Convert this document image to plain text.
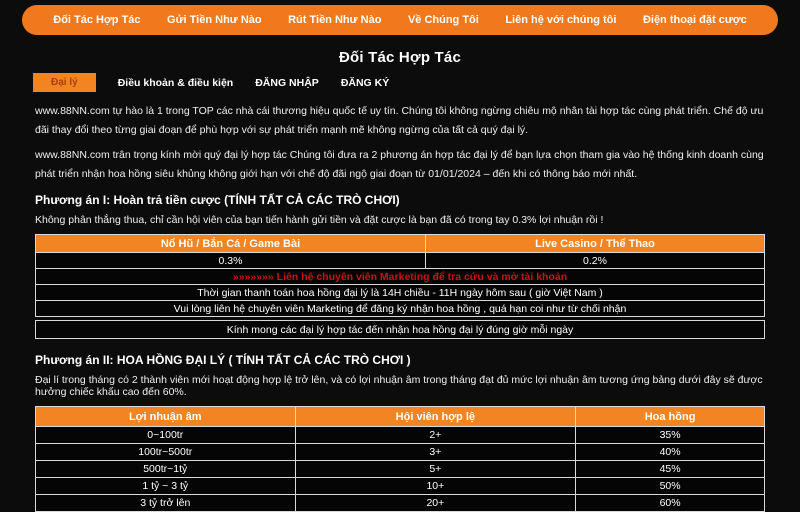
Đối Tác Hợp Tác Gửi Tiền Như Nào Rút Tiền Như Nào Về Chúng Tôi Liên hệ với chúng tôi Điện thoại đặt cược
Đối Tác Hợp Tác
Đại lý	Điều khoản & điều kiện ĐĂNG NHẬP ĐĂNG KÝ

www.88NN.com tự hào là 1 trong TOP các nhà cái thương hiệu quốc tế uy tín. Chúng tôi không ngừng chiêu mộ nhân tài hợp tác cùng phát triển. Chế độ ưu đãi thay đổi theo từng giai đoạn để phù hợp với sự phát triển mạnh mẽ không ngừng của tất cả quý đại lý.

www.88NN.com trân trọng kính mời quý đại lý hợp tác Chúng tôi đưa ra 2 phương án hợp tác đại lý để bạn lựa chọn tham gia vào hệ thống kinh doanh cùng phát triển nhận hoa hồng siêu khủng không giới hạn với chế độ đãi ngộ giai đoạn từ 01/01/2024 – đến khi có thông báo mới nhất.

Phương án I: Hoàn trả tiền cược (TÍNH TẤT CẢ CÁC TRÒ CHƠI)

Không phân thắng thua, chỉ cần hội viên của bạn tiến hành gửi tiền và đặt cược là bạn đã có trong tay 0.3% lợi nhuận rồi !

Nổ Hũ / Bắn Cá / Game Bài	Live Casino / Thể Thao
0.3%	0.2%
»»»»»»» Liên hệ chuyên viên Marketing để tra cứu và mở tài khoản	
Thời gian thanh toán hoa hồng đại lý là 14H chiều - 11H ngày hôm sau ( giờ Việt Nam )	
Vui lòng liên hệ chuyên viên Marketing để đăng ký nhận hoa hồng , quá hạn coi như từ chối nhận	
Kính mong các đại lý hợp tác đến nhận hoa hồng đại lý đúng giờ mỗi ngày
Phương án II: HOA HỒNG ĐẠI LÝ ( TÍNH TẤT CẢ CÁC TRÒ CHƠI )

Đại lí trong tháng có 2 thành viên mới hoạt động hợp lệ trở lên, và có lợi nhuận âm trong tháng đạt đủ mức lợi nhuận âm tương ứng bảng dưới đây sẽ được hưởng chiếc khấu cao đến 60%.

Lợi nhuận âm	Hội viên hợp lệ	Hoa hồng
0~100tr	2+	35%
100tr~500tr	3+	40%
500tr~1tỷ	5+	45%
1 tỷ ~ 3 tỷ	10+	50%
3 tỷ trở lên	20+	60%
